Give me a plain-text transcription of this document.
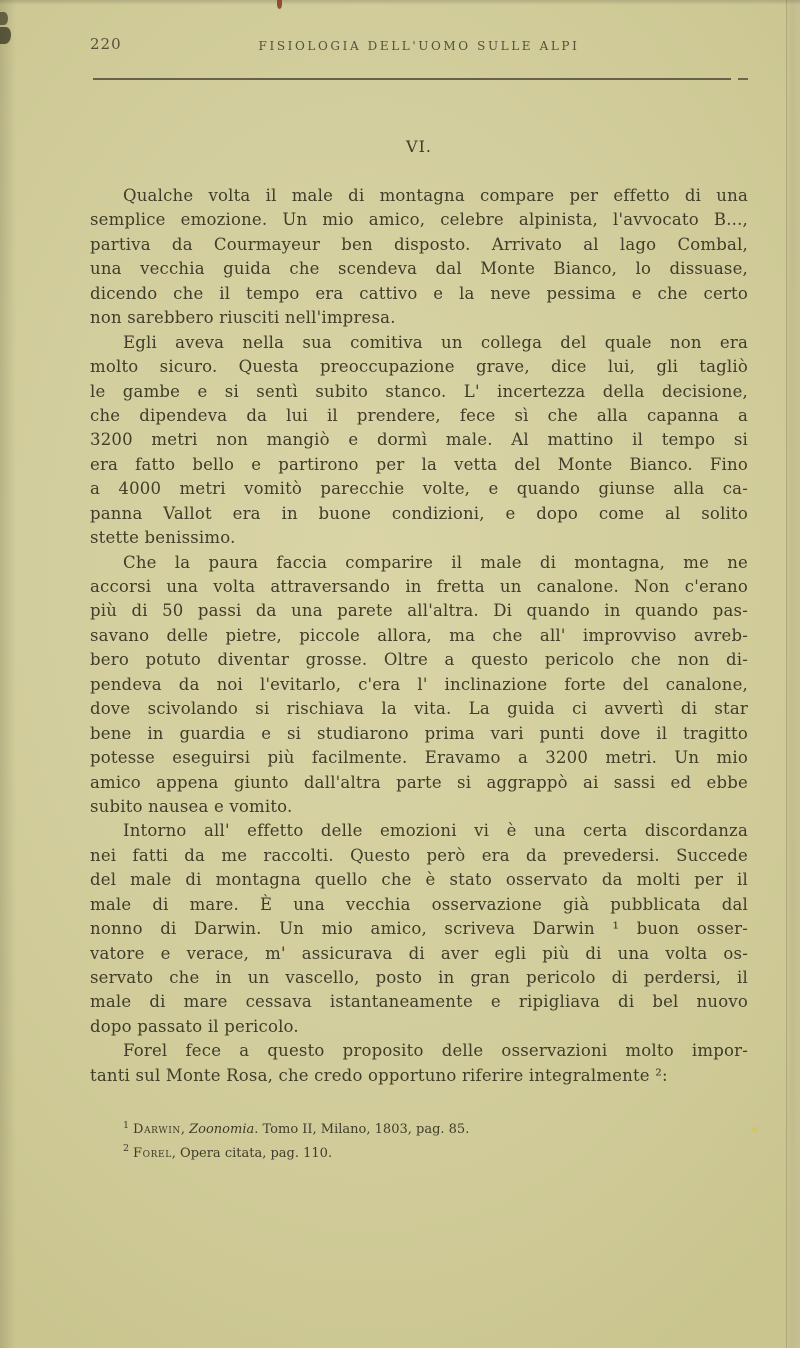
220	FISIOLOGIA DELL'UOMO SULLE ALPI
VI.
Qualche volta il male di montagna compare per effetto di una
semplice emozione. Un mio amico, celebre alpinista, l'avvocato B...,
partiva da Courmayeur ben disposto. Arrivato al lago Combal,
una vecchia guida che scendeva dal Monte Bianco, lo dissuase,
dicendo che il tempo era cattivo e la neve pessima e che certo
non sarebbero riusciti nell'impresa.
Egli aveva nella sua comitiva un collega del quale non era
molto sicuro. Questa preoccupazione grave, dice lui, gli tagliò
le gambe e si sentì subito stanco. L' incertezza della decisione,
che dipendeva da lui il prendere, fece sì che alla capanna a
3200 metri non mangiò e dormì male. Al mattino il tempo si
era fatto bello e partirono per la vetta del Monte Bianco. Fino
a 4000 metri vomitò parecchie volte, e quando giunse alla ca-
panna Vallot era in buone condizioni, e dopo come al solito
stette benissimo.
Che la paura faccia comparire il male di montagna, me ne
accorsi una volta attraversando in fretta un canalone. Non c'erano
più di 50 passi da una parete all'altra. Di quando in quando pas-
savano delle pietre, piccole allora, ma che all' improvviso avreb-
bero potuto diventar grosse. Oltre a questo pericolo che non di-
pendeva da noi l'evitarlo, c'era l' inclinazione forte del canalone,
dove scivolando si rischiava la vita. La guida ci avvertì di star
bene in guardia e si studiarono prima vari punti dove il tragitto
potesse eseguirsi più facilmente. Eravamo a 3200 metri. Un mio
amico appena giunto dall'altra parte si aggrappò ai sassi ed ebbe
subito nausea e vomito.
Intorno all' effetto delle emozioni vi è una certa discordanza
nei fatti da me raccolti. Questo però era da prevedersi. Succede
del male di montagna quello che è stato osservato da molti per il
male di mare. È una vecchia osservazione già pubblicata dal
nonno di Darwin. Un mio amico, scriveva Darwin ¹ buon osser-
vatore e verace, m' assicurava di aver egli più di una volta os-
servato che in un vascello, posto in gran pericolo di perdersi, il
male di mare cessava istantaneamente e ripigliava di bel nuovo
dopo passato il pericolo.
Forel fece a questo proposito delle osservazioni molto impor-
tanti sul Monte Rosa, che credo opportuno riferire integralmente ²:
$^1$ Darwin, Zoonomia. Tomo II, Milano, 1803, pag. 85.
$^2$ Forel, Opera citata, pag. 110.
